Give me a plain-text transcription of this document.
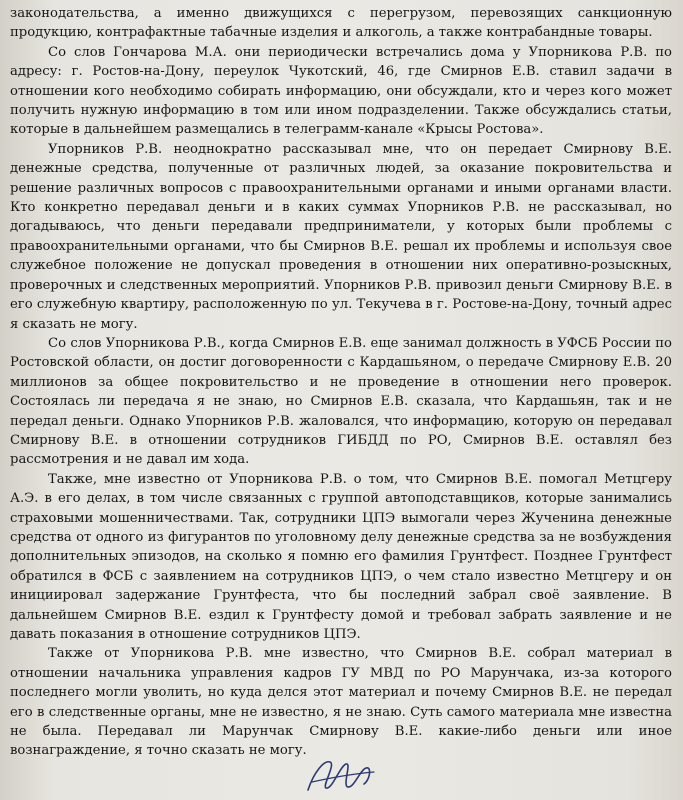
законодательства, а именно движущихся с перегрузом, перевозящих санкционную продукцию, контрафактные табачные изделия и алкоголь, а также контрабандные товары.

Со слов Гончарова М.А. они периодически встречались дома у Упорникова Р.В. по адресу: г. Ростов-на-Дону, переулок Чукотский, 46, где Смирнов Е.В. ставил задачи в отношении кого необходимо собирать информацию, они обсуждали, кто и через кого может получить нужную информацию в том или ином подразделении. Также обсуждались статьи, которые в дальнейшем размещались в телеграмм-канале «Крысы Ростова».

Упорников Р.В. неоднократно рассказывал мне, что он передает Смирнову В.Е. денежные средства, полученные от различных людей, за оказание покровительства и решение различных вопросов с правоохранительными органами и иными органами власти. Кто конкретно передавал деньги и в каких суммах Упорников Р.В. не рассказывал, но догадываюсь, что деньги передавали предприниматели, у которых были проблемы с правоохранительными органами, что бы Смирнов В.Е. решал их проблемы и используя свое служебное положение не допускал проведения в отношении них оперативно-розыскных, проверочных и следственных мероприятий. Упорников Р.В. привозил деньги Смирнову В.Е. в его служебную квартиру, расположенную по ул. Текучева в г. Ростове-на-Дону, точный адрес я сказать не могу.

Со слов Упорникова Р.В., когда Смирнов Е.В. еще занимал должность в УФСБ России по Ростовской области, он достиг договоренности с Кардашьяном, о передаче Смирнову Е.В. 20 миллионов за общее покровительство и не проведение в отношении него проверок. Состоялась ли передача я не знаю, но Смирнов Е.В. сказала, что Кардашьян, так и не передал деньги. Однако Упорников Р.В. жаловался, что информацию, которую он передавал Смирнову В.Е. в отношении сотрудников ГИБДД по РО, Смирнов В.Е. оставлял без рассмотрения и не давал им хода.

Также, мне известно от Упорникова Р.В. о том, что Смирнов В.Е. помогал Метцгеру А.Э. в его делах, в том числе связанных с группой автоподставщиков, которые занимались страховыми мошенничествами. Так, сотрудники ЦПЭ вымогали через Жученина денежные средства от одного из фигурантов по уголовному делу денежные средства за не возбуждения дополнительных эпизодов, на сколько я помню его фамилия Грунтфест. Позднее Грунтфест обратился в ФСБ с заявлением на сотрудников ЦПЭ, о чем стало известно Метцгеру и он инициировал задержание Грунтфеста, что бы последний забрал своё заявление. В дальнейшем Смирнов В.Е. ездил к Грунтфесту домой и требовал забрать заявление и не давать показания в отношение сотрудников ЦПЭ.

Также от Упорникова Р.В. мне известно, что Смирнов В.Е. собрал материал в отношении начальника управления кадров ГУ МВД по РО Марунчака, из-за которого последнего могли уволить, но куда делся этот материал и почему Смирнов В.Е. не передал его в следственные органы, мне не известно, я не знаю. Суть самого материала мне известна не была. Передавал ли Марунчак Смирнову В.Е. какие-либо деньги или иное вознаграждение, я точно сказать не могу.
